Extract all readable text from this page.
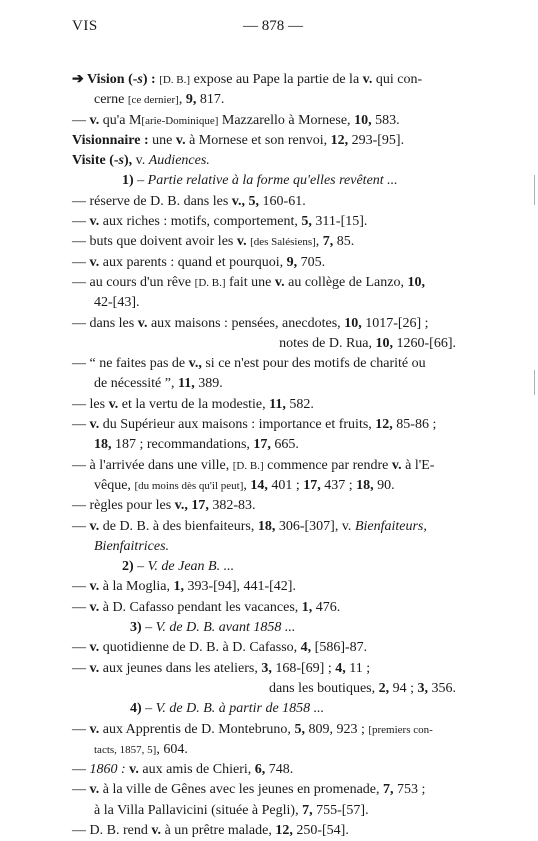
VIS	— 878 —
➔ Vision (-s) : [D. B.] expose au Pape la partie de la v. qui con-
cerne [ce dernier], 9, 817.
— v. qu'a M[arie-Dominique] Mazzarello à Mornese, 10, 583.
Visionnaire : une v. à Mornese et son renvoi, 12, 293-[95].
Visite (-s), v. Audiences.
1) – Partie relative à la forme qu'elles revêtent ...
— réserve de D. B. dans les v., 5, 160-61.
— v. aux riches : motifs, comportement, 5, 311-[15].
— buts que doivent avoir les v. [des Salésiens], 7, 85.
— v. aux parents : quand et pourquoi, 9, 705.
— au cours d'un rêve [D. B.] fait une v. au collège de Lanzo, 10,
42-[43].
— dans les v. aux maisons : pensées, anecdotes, 10, 1017-[26] ;
notes de D. Rua, 10, 1260-[66].
— “ ne faites pas de v., si ce n'est pour des motifs de charité ou
de nécessité ”, 11, 389.
— les v. et la vertu de la modestie, 11, 582.
— v. du Supérieur aux maisons : importance et fruits, 12, 85-86 ;
18, 187 ; recommandations, 17, 665.
— à l'arrivée dans une ville, [D. B.] commence par rendre v. à l'E-
vêque, [du moins dès qu'il peut], 14, 401 ; 17, 437 ; 18, 90.
— règles pour les v., 17, 382-83.
— v. de D. B. à des bienfaiteurs, 18, 306-[307], v. Bienfaiteurs,
Bienfaitrices.
2) – V. de Jean B. ...
— v. à la Moglia, 1, 393-[94], 441-[42].
— v. à D. Cafasso pendant les vacances, 1, 476.
3) – V. de D. B. avant 1858 ...
— v. quotidienne de D. B. à D. Cafasso, 4, [586]-87.
— v. aux jeunes dans les ateliers, 3, 168-[69] ; 4, 11 ;
dans les boutiques, 2, 94 ; 3, 356.
4) – V. de D. B. à partir de 1858 ...
— v. aux Apprentis de D. Montebruno, 5, 809, 923 ; [premiers con-
tacts, 1857, 5], 604.
— 1860 : v. aux amis de Chieri, 6, 748.
— v. à la ville de Gênes avec les jeunes en promenade, 7, 753 ;
à la Villa Pallavicini (située à Pegli), 7, 755-[57].
— D. B. rend v. à un prêtre malade, 12, 250-[54].
